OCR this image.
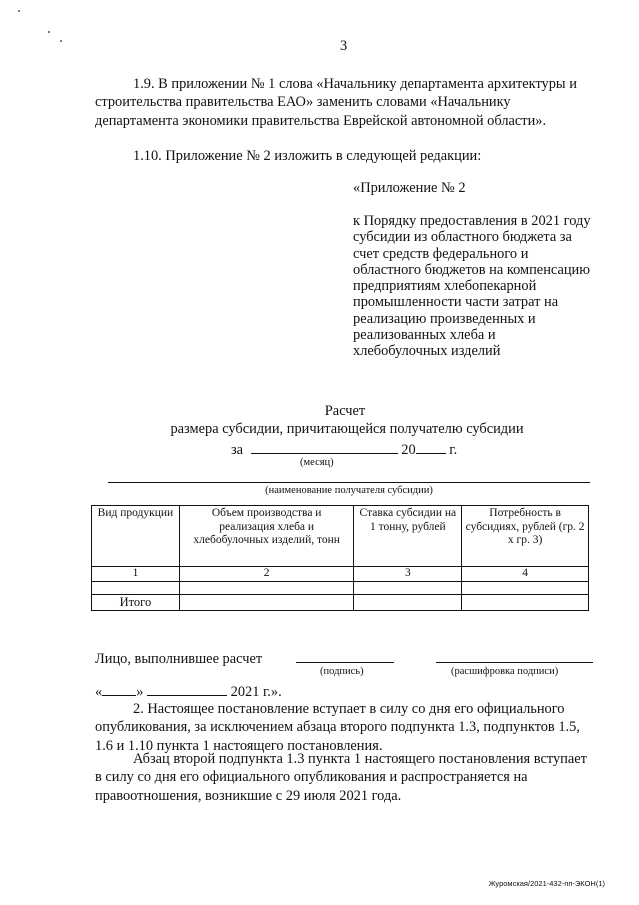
3
1.9. В приложении № 1 слова «Начальнику департамента архитектуры и строительства правительства ЕАО» заменить словами «Начальнику департамента экономики правительства Еврейской автономной области».
1.10. Приложение № 2 изложить в следующей редакции:
«Приложение № 2
к Порядку предоставления в 2021 году субсидии из областного бюджета за счет средств федерального и областного бюджетов на компенсацию предприятиям хлебопекарной промышленности части затрат на реализацию произведенных и реализованных хлеба и хлебобулочных изделий
Расчет
размера субсидии, причитающейся получателю субсидии
за	20 г.
(месяц)
(наименование получателя субсидии)
Вид продукции	Объем производства и реализация хлеба и хлебобулочных изделий, тонн	Ставка субсидии на 1 тонну, рублей	Потребность в субсидиях, рублей (гр. 2 x гр. 3)
1	2	3	4

Итого			
Лицо, выполнившее расчет
(подпись)	(расшифровка подписи)
« »	2021 г.».
2. Настоящее постановление вступает в силу со дня его официального опубликования, за исключением абзаца второго подпункта 1.3, подпунктов 1.5, 1.6 и 1.10 пункта 1 настоящего постановления.
Абзац второй подпункта 1.3 пункта 1 настоящего постановления вступает в силу со дня его официального опубликования и распространяется на правоотношения, возникшие с 29 июля 2021 года.
Журомская/2021-432-пп-ЭКОН(1)
